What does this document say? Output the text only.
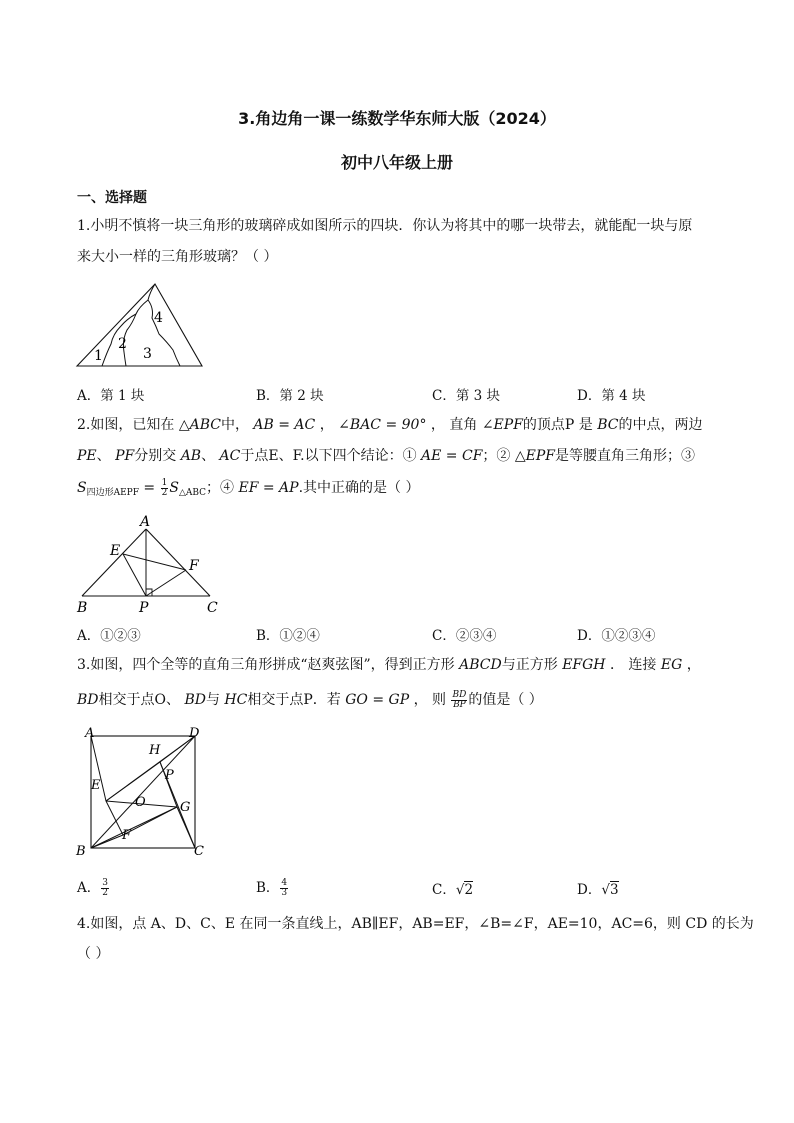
3.角边角一课一练数学华东师大版（2024）
初中八年级上册
一、选择题
1.小明不慎将一块三角形的玻璃碎成如图所示的四块．你认为将其中的哪一块带去，就能配一块与原
来大小一样的三角形玻璃？（ ）
1
2
3
4
A．第 1 块	B．第 2 块	C．第 3 块	D．第 4 块
2.如图，已知在 △ABC中， AB = AC ， ∠BAC = 90° ， 直角 ∠EPF的顶点P 是 BC的中点，两边
PE、 PF分别交 AB、 AC于点E、F.以下四个结论：① AE = CF；② △EPF是等腰直角三角形；③
$S_{四边形AEPF} = \frac{1}{2} S_{\triangle ABC}$；④ EF = AP.其中正确的是（ ）
A
E
F
B	P	C
A．①②③	B．①②④	C．②③④	D．①②③④
3.如图，四个全等的直角三角形拼成“赵爽弦图”，得到正方形 ABCD与正方形 EFGH ． 连接 EG ，
BD相交于点O、 BD与 HC相交于点P．若 GO = GP ， 则 $\frac{BD}{BP}$ 的值是（ ）
A	D
H
P
E
O	G
F
B	C
A． $\frac{3}{2}$	B． $\frac{4}{3}$	C．√2	D．√3
4.如图，点 A、D、C、E 在同一条直线上，AB∥EF，AB=EF，∠B=∠F，AE=10，AC=6，则 CD 的长为
（ ）
